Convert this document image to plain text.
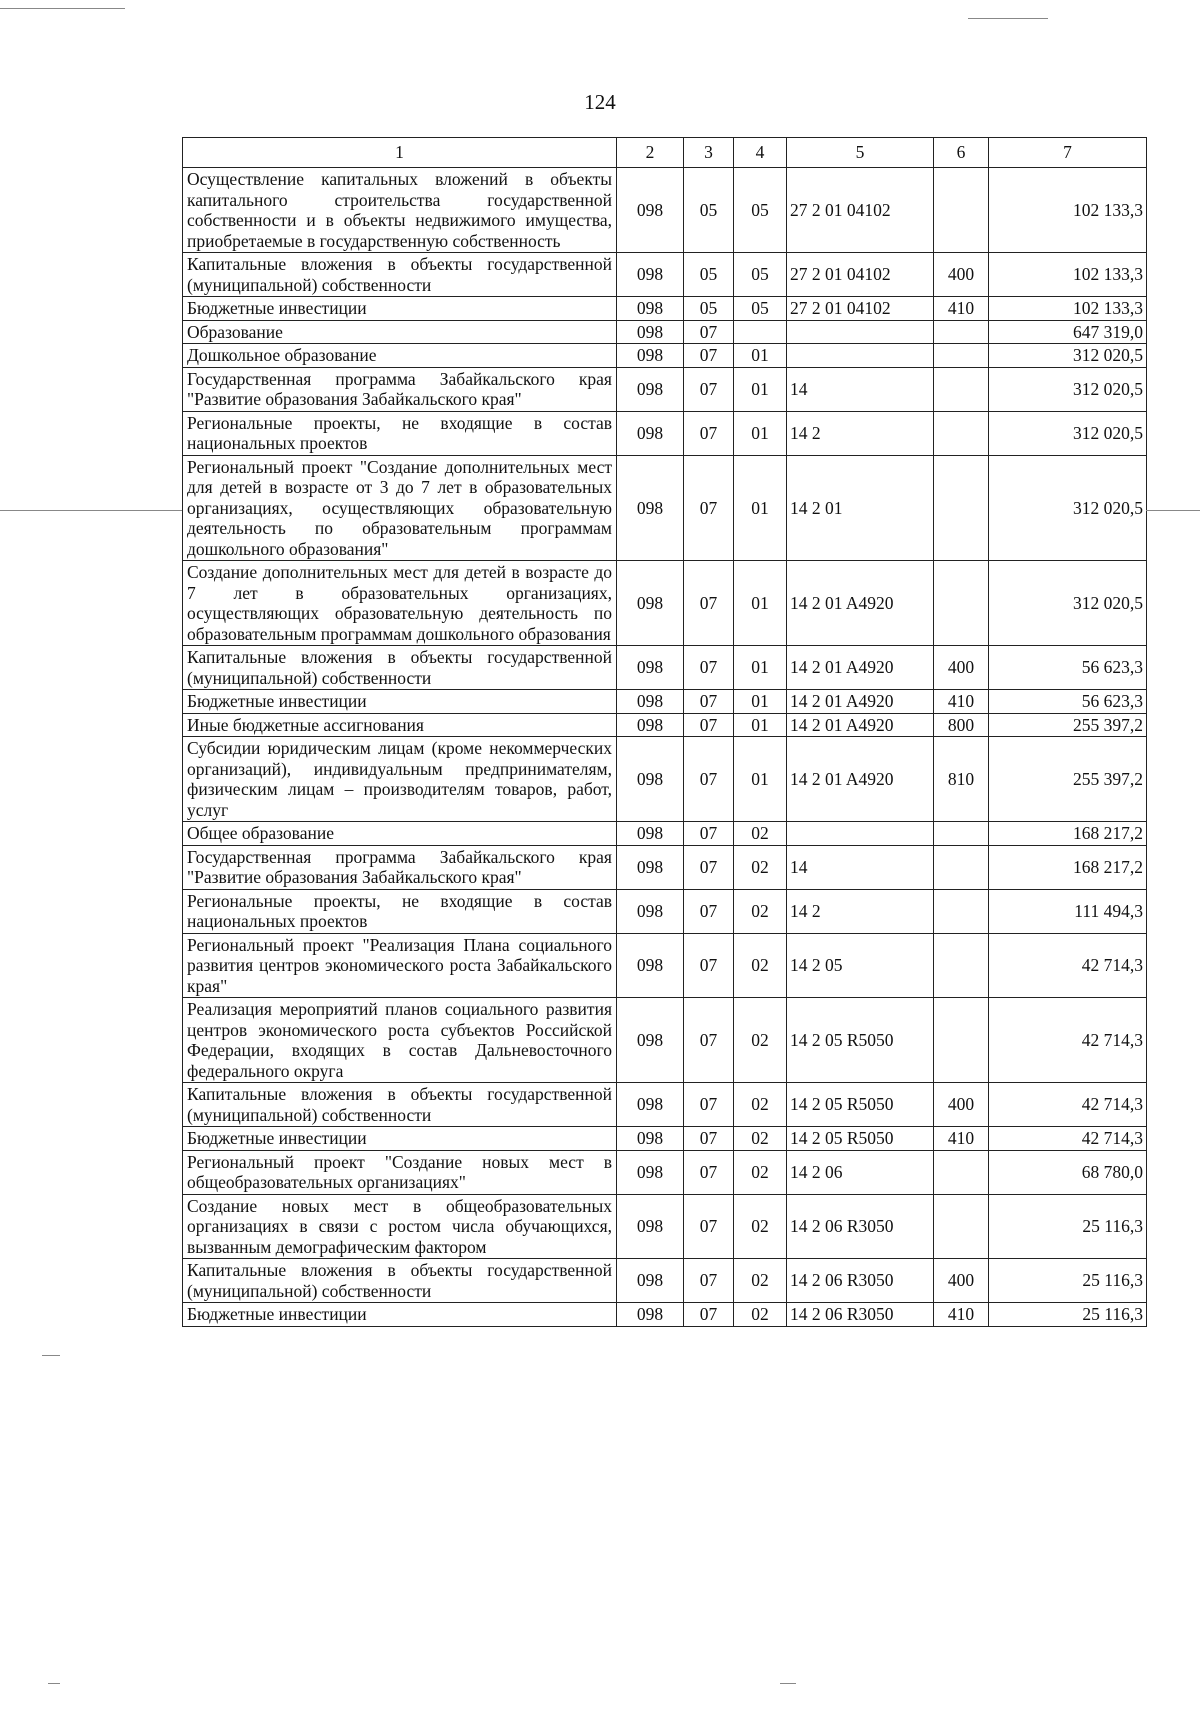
124
1	2	3	4	5	6	7
Осуществление капитальных вложений в объекты капитального строительства государственной собственности и в объекты недвижимого имущества, приобретаемые в государственную собственность	098	05	05	27 2 01 04102		102 133,3
Капитальные вложения в объекты государственной (муниципальной) собственности	098	05	05	27 2 01 04102	400	102 133,3
Бюджетные инвестиции	098	05	05	27 2 01 04102	410	102 133,3
Образование	098	07				647 319,0
Дошкольное образование	098	07	01			312 020,5
Государственная программа Забайкальского края "Развитие образования Забайкальского края"	098	07	01	14		312 020,5
Региональные проекты, не входящие в состав национальных проектов	098	07	01	14 2		312 020,5
Региональный проект "Создание дополнительных мест для детей в возрасте от 3 до 7 лет в образовательных организациях, осуществляющих образовательную деятельность по образовательным программам дошкольного образования"	098	07	01	14 2 01		312 020,5
Создание дополнительных мест для детей в возрасте до 7 лет в образовательных организациях, осуществляющих образовательную деятельность по образовательным программам дошкольного образования	098	07	01	14 2 01 A4920		312 020,5
Капитальные вложения в объекты государственной (муниципальной) собственности	098	07	01	14 2 01 A4920	400	56 623,3
Бюджетные инвестиции	098	07	01	14 2 01 A4920	410	56 623,3
Иные бюджетные ассигнования	098	07	01	14 2 01 A4920	800	255 397,2
Субсидии юридическим лицам (кроме некоммерческих организаций), индивидуальным предпринимателям, физическим лицам – производителям товаров, работ, услуг	098	07	01	14 2 01 A4920	810	255 397,2
Общее образование	098	07	02			168 217,2
Государственная программа Забайкальского края "Развитие образования Забайкальского края"	098	07	02	14		168 217,2
Региональные проекты, не входящие в состав национальных проектов	098	07	02	14 2		111 494,3
Региональный проект "Реализация Плана социального развития центров экономического роста Забайкальского края"	098	07	02	14 2 05		42 714,3
Реализация мероприятий планов социального развития центров экономического роста субъектов Российской Федерации, входящих в состав Дальневосточного федерального округа	098	07	02	14 2 05 R5050		42 714,3
Капитальные вложения в объекты государственной (муниципальной) собственности	098	07	02	14 2 05 R5050	400	42 714,3
Бюджетные инвестиции	098	07	02	14 2 05 R5050	410	42 714,3
Региональный проект "Создание новых мест в общеобразовательных организациях"	098	07	02	14 2 06		68 780,0
Создание новых мест в общеобразовательных организациях в связи с ростом числа обучающихся, вызванным демографическим фактором	098	07	02	14 2 06 R3050		25 116,3
Капитальные вложения в объекты государственной (муниципальной) собственности	098	07	02	14 2 06 R3050	400	25 116,3
Бюджетные инвестиции	098	07	02	14 2 06 R3050	410	25 116,3
